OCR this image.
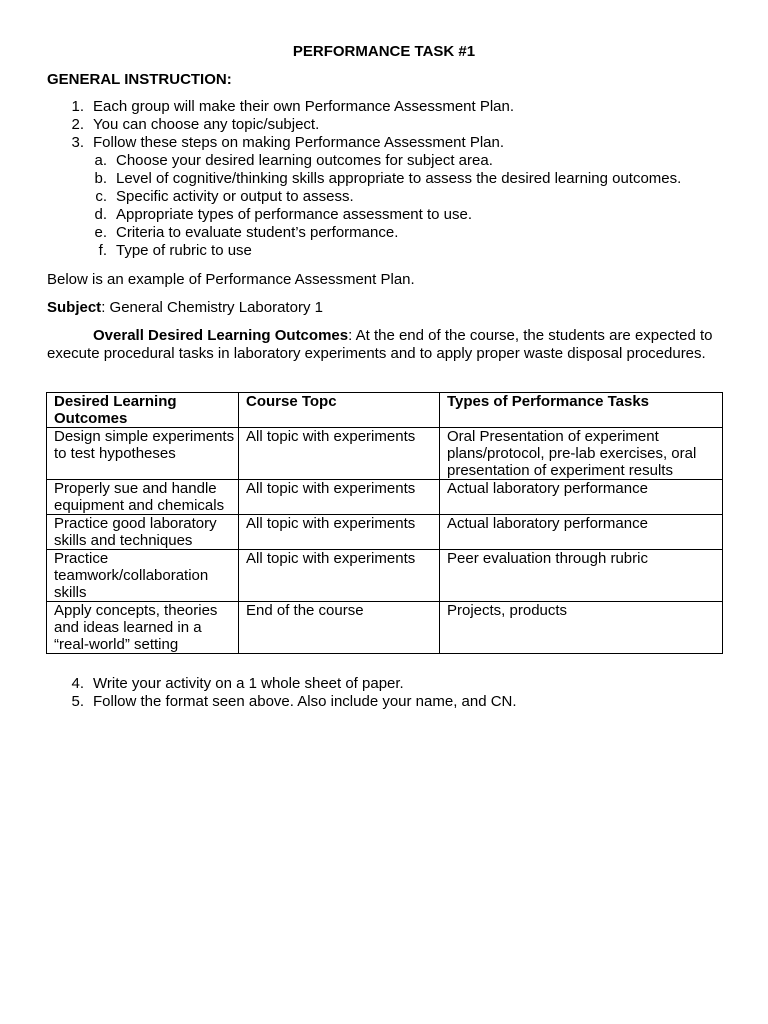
PERFORMANCE TASK #1
GENERAL INSTRUCTION:
1. Each group will make their own Performance Assessment Plan.
2. You can choose any topic/subject.
3. Follow these steps on making Performance Assessment Plan.
a. Choose your desired learning outcomes for subject area.
b. Level of cognitive/thinking skills appropriate to assess the desired learning outcomes.
c. Specific activity or output to assess.
d. Appropriate types of performance assessment to use.
e. Criteria to evaluate student’s performance.
f. Type of rubric to use
Below is an example of Performance Assessment Plan.
Subject: General Chemistry Laboratory 1
Overall Desired Learning Outcomes: At the end of the course, the students are expected to execute procedural tasks in laboratory experiments and to apply proper waste disposal procedures.
Desired Learning Outcomes	Course Topc	Types of Performance Tasks
Design simple experiments to test hypotheses	All topic with experiments	Oral Presentation of experiment plans/protocol, pre-lab exercises, oral presentation of experiment results
Properly sue and handle equipment and chemicals	All topic with experiments	Actual laboratory performance
Practice good laboratory skills and techniques	All topic with experiments	Actual laboratory performance
Practice teamwork/collaboration skills	All topic with experiments	Peer evaluation through rubric
Apply concepts, theories and ideas learned in a “real-world” setting	End of the course	Projects, products
4. Write your activity on a 1 whole sheet of paper.
5. Follow the format seen above. Also include your name, and CN.
